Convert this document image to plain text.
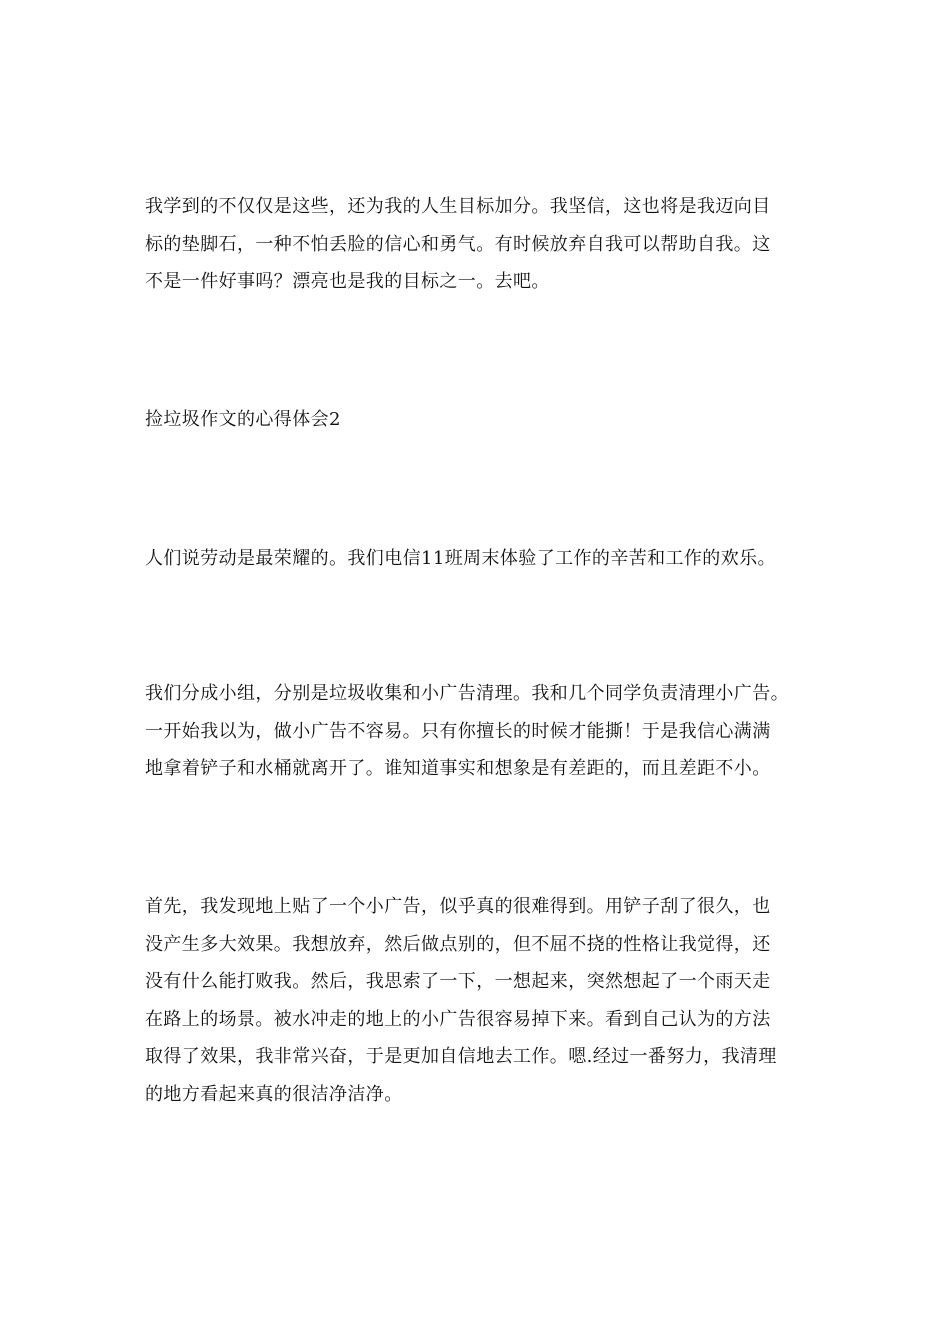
我学到的不仅仅是这些，还为我的人生目标加分。我坚信，这也将是我迈向目
标的垫脚石，一种不怕丢脸的信心和勇气。有时候放弃自我可以帮助自我。这
不是一件好事吗？漂亮也是我的目标之一。去吧。
捡垃圾作文的心得体会2
人们说劳动是最荣耀的。我们电信11班周末体验了工作的辛苦和工作的欢乐。
我们分成小组，分别是垃圾收集和小广告清理。我和几个同学负责清理小广告。
一开始我以为，做小广告不容易。只有你擅长的时候才能撕！于是我信心满满
地拿着铲子和水桶就离开了。谁知道事实和想象是有差距的，而且差距不小。
首先，我发现地上贴了一个小广告，似乎真的很难得到。用铲子刮了很久，也
没产生多大效果。我想放弃，然后做点别的，但不屈不挠的性格让我觉得，还
没有什么能打败我。然后，我思索了一下，一想起来，突然想起了一个雨天走
在路上的场景。被水冲走的地上的小广告很容易掉下来。看到自己认为的方法
取得了效果，我非常兴奋，于是更加自信地去工作。嗯.经过一番努力，我清理
的地方看起来真的很洁净洁净。
